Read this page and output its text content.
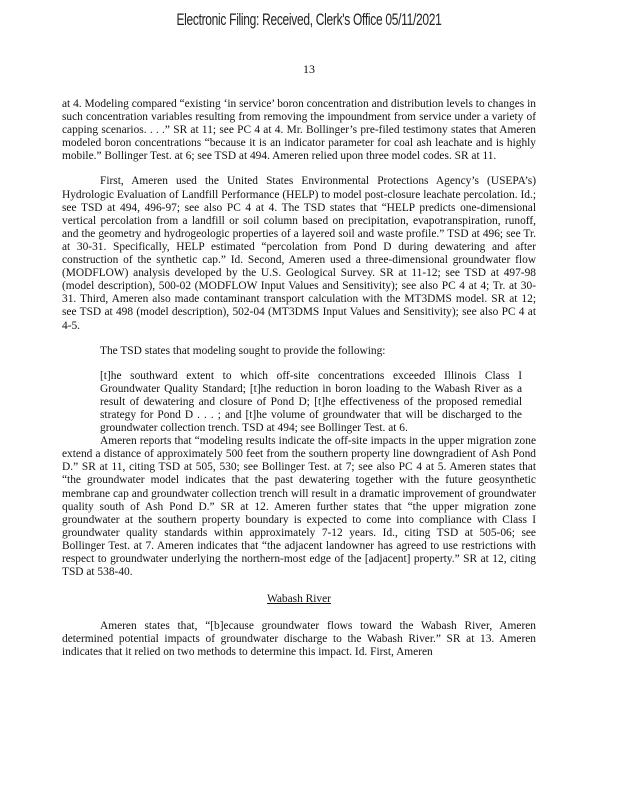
Electronic Filing: Received, Clerk's Office 05/11/2021
13

at 4. Modeling compared “existing ‘in service’ boron concentration and distribution levels to changes in such concentration variables resulting from removing the impoundment from service under a variety of capping scenarios. . . .” SR at 11; see PC 4 at 4. Mr. Bollinger’s pre-filed testimony states that Ameren modeled boron concentrations “because it is an indicator parameter for coal ash leachate and is highly mobile.” Bollinger Test. at 6; see TSD at 494. Ameren relied upon three model codes. SR at 11.

First, Ameren used the United States Environmental Protections Agency’s (USEPA’s) Hydrologic Evaluation of Landfill Performance (HELP) to model post-closure leachate percolation. Id.; see TSD at 494, 496-97; see also PC 4 at 4. The TSD states that “HELP predicts one-dimensional vertical percolation from a landfill or soil column based on precipitation, evapotranspiration, runoff, and the geometry and hydrogeologic properties of a layered soil and waste profile.” TSD at 496; see Tr. at 30-31. Specifically, HELP estimated “percolation from Pond D during dewatering and after construction of the synthetic cap.” Id. Second, Ameren used a three-dimensional groundwater flow (MODFLOW) analysis developed by the U.S. Geological Survey. SR at 11-12; see TSD at 497-98 (model description), 500-02 (MODFLOW Input Values and Sensitivity); see also PC 4 at 4; Tr. at 30-31. Third, Ameren also made contaminant transport calculation with the MT3DMS model. SR at 12; see TSD at 498 (model description), 502-04 (MT3DMS Input Values and Sensitivity); see also PC 4 at 4-5.

The TSD states that modeling sought to provide the following:

[t]he southward extent to which off-site concentrations exceeded Illinois Class I Groundwater Quality Standard; [t]he reduction in boron loading to the Wabash River as a result of dewatering and closure of Pond D; [t]he effectiveness of the proposed remedial strategy for Pond D . . . ; and [t]he volume of groundwater that will be discharged to the groundwater collection trench. TSD at 494; see Bollinger Test. at 6.

Ameren reports that “modeling results indicate the off-site impacts in the upper migration zone extend a distance of approximately 500 feet from the southern property line downgradient of Ash Pond D.” SR at 11, citing TSD at 505, 530; see Bollinger Test. at 7; see also PC 4 at 5. Ameren states that “the groundwater model indicates that the past dewatering together with the future geosynthetic membrane cap and groundwater collection trench will result in a dramatic improvement of groundwater quality south of Ash Pond D.” SR at 12. Ameren further states that “the upper migration zone groundwater at the southern property boundary is expected to come into compliance with Class I groundwater quality standards within approximately 7-12 years. Id., citing TSD at 505-06; see Bollinger Test. at 7. Ameren indicates that “the adjacent landowner has agreed to use restrictions with respect to groundwater underlying the northern-most edge of the [adjacent] property.” SR at 12, citing TSD at 538-40.

Wabash River

Ameren states that, “[b]ecause groundwater flows toward the Wabash River, Ameren determined potential impacts of groundwater discharge to the Wabash River.” SR at 13. Ameren indicates that it relied on two methods to determine this impact. Id. First, Ameren
